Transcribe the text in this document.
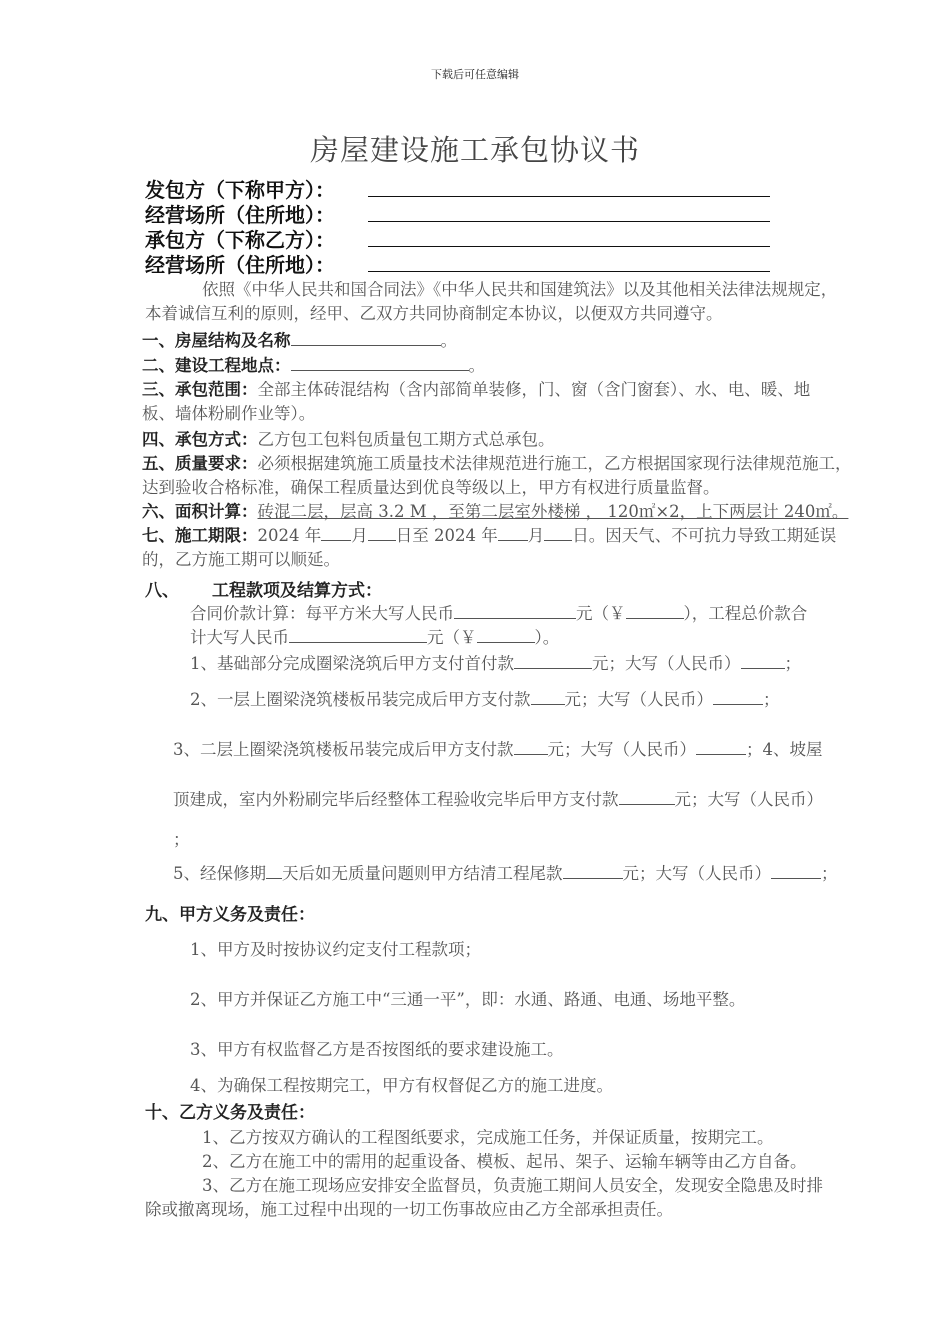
下载后可任意编辑
房屋建设施工承包协议书
发包方（下称甲方）：
经营场所（住所地）：
承包方（下称乙方）：
经营场所（住所地）：
依照《中华人民共和国合同法》《中华人民共和国建筑法》以及其他相关法律法规规定，
本着诚信互利的原则，经甲、乙双方共同协商制定本协议，以便双方共同遵守。
一、房屋结构及名称	。
二、建设工程地点：	。
三、承包范围：全部主体砖混结构（含内部简单装修，门、窗（含门窗套）、水、电、暖、地
板、墙体粉刷作业等）。
四、承包方式：乙方包工包料包质量包工期方式总承包。
五、质量要求：必须根据建筑施工质量技术法律规范进行施工，乙方根据国家现行法律规范施工，
达到验收合格标准，确保工程质量达到优良等级以上，甲方有权进行质量监督。
六、面积计算：砖混二层，层高 3.2 M ，至第二层室外楼梯 ， 120㎡×2，上下两层计 240㎡。
七、施工期限：2024 年 月 日至 2024 年 月 日。因天气、不可抗力导致工期延误
的，乙方施工期可以顺延。
八、 工程款项及结算方式：
合同价款计算：每平方米大写人民币	元（￥	），工程总价款合
计大写人民币	元（￥	）。
1、基础部分完成圈梁浇筑后甲方支付首付款	元；大写（人民币）	；
2、一层上圈梁浇筑楼板吊装完成后甲方支付款 元；大写（人民币）	；
3、二层上圈梁浇筑楼板吊装完成后甲方支付款 元；大写（人民币）	；4、坡屋
顶建成，室内外粉刷完毕后经整体工程验收完毕后甲方支付款	元；大写（人民币）
；
5、经保修期 天后如无质量问题则甲方结清工程尾款	元；大写（人民币）	；
九、甲方义务及责任：
1、甲方及时按协议约定支付工程款项；
2、甲方并保证乙方施工中“三通一平”，即：水通、路通、电通、场地平整。
3、甲方有权监督乙方是否按图纸的要求建设施工。
4、为确保工程按期完工，甲方有权督促乙方的施工进度。
十、乙方义务及责任：
1、乙方按双方确认的工程图纸要求，完成施工任务，并保证质量，按期完工。
2、乙方在施工中的需用的起重设备、模板、起吊、架子、运输车辆等由乙方自备。
3、乙方在施工现场应安排安全监督员，负责施工期间人员安全，发现安全隐患及时排
除或撤离现场，施工过程中出现的一切工伤事故应由乙方全部承担责任。
